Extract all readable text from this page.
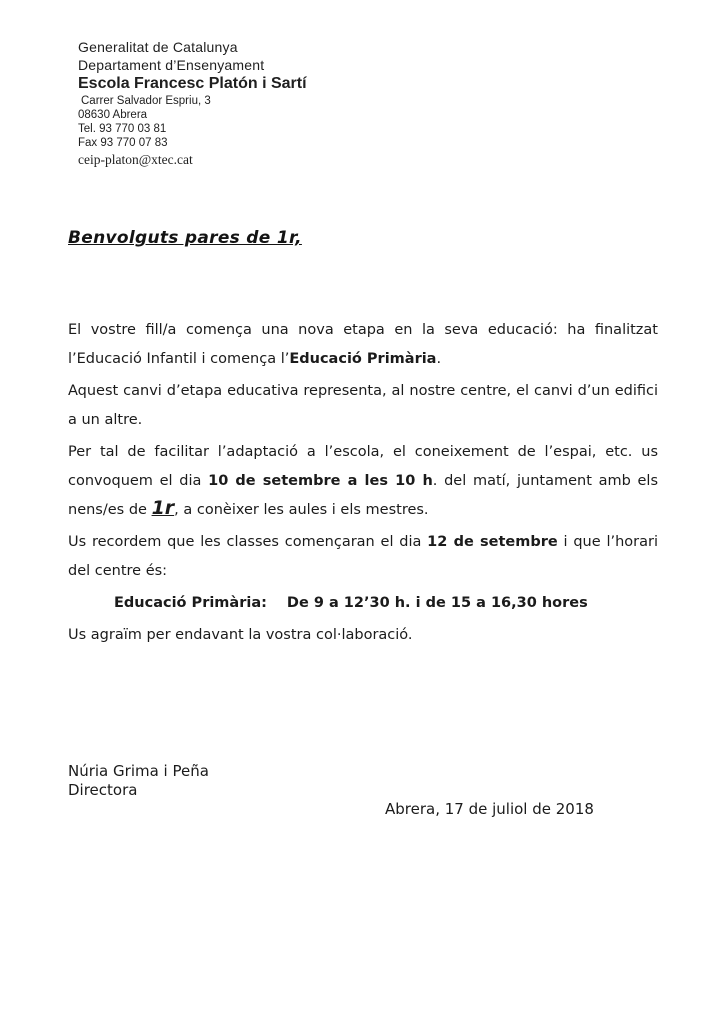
Generalitat de Catalunya
Departament d’Ensenyament
Escola Francesc Platón i Sartí
Carrer Salvador Espriu, 3
08630 Abrera
Tel. 93 770 03 81
Fax 93 770 07 83
ceip-platon@xtec.cat
Benvolguts pares de 1r,

El vostre fill/a comença una nova etapa en la seva educació: ha finalitzat l’Educació Infantil i comença l’Educació Primària.

Aquest canvi d’etapa educativa representa, al nostre centre, el canvi d’un edifici a un altre.

Per tal de facilitar l’adaptació a l’escola, el coneixement de l’espai, etc. us convoquem el dia 10 de setembre a les 10 h. del matí, juntament amb els nens/es de 1r, a conèixer les aules i els mestres.

Us recordem que les classes començaran el dia 12 de setembre i que l’horari del centre és:

Educació Primària: De 9 a 12’30 h. i de 15 a 16,30 hores

Us agraïm per endavant la vostra col·laboració.

Núria Grima i Peña
Directora
Abrera, 17 de juliol de 2018
